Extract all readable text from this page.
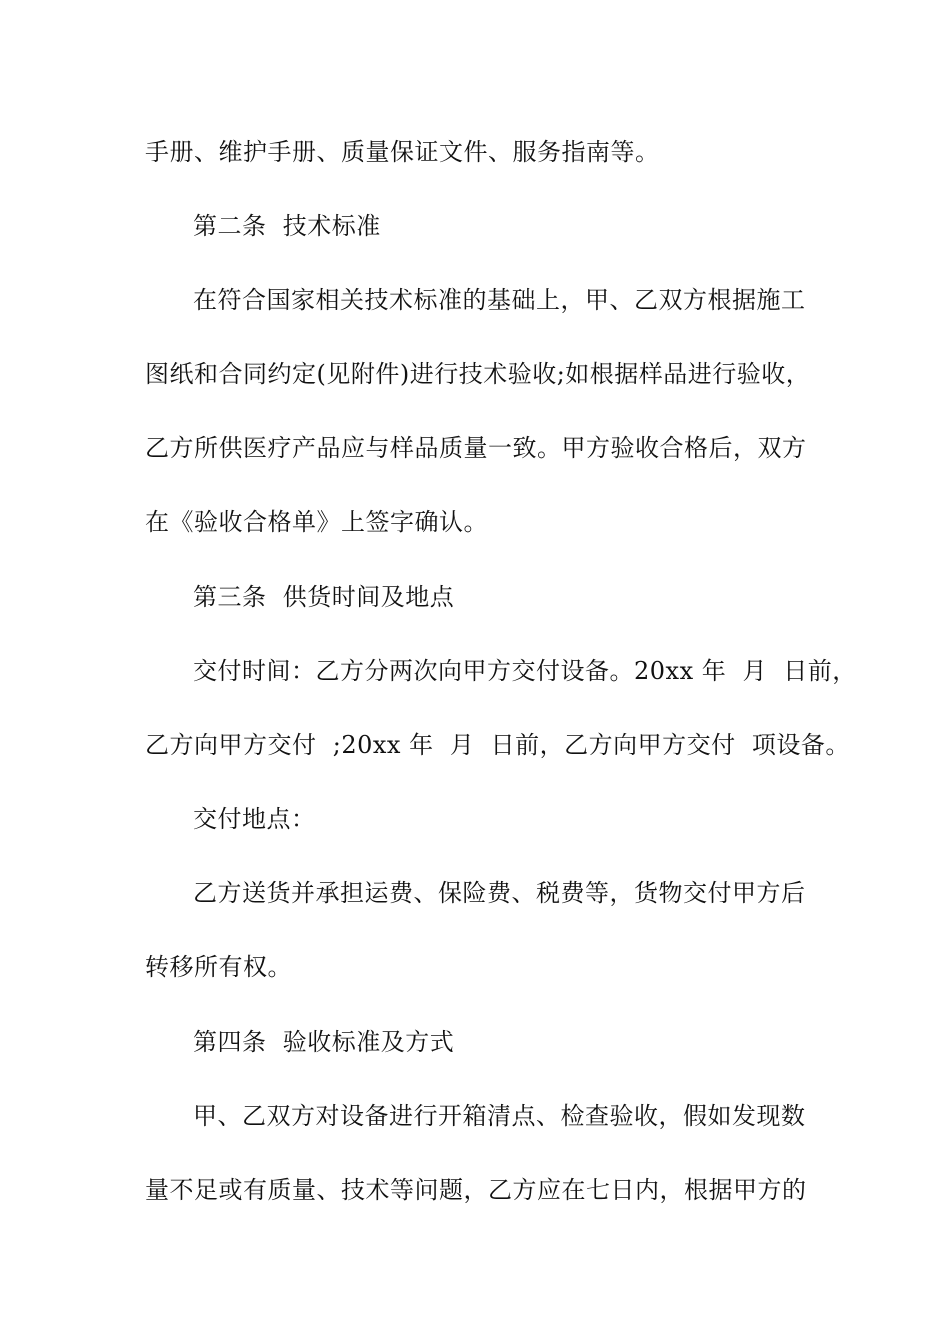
手册、维护手册、质量保证文件、服务指南等。

第二条  技术标准

在符合国家相关技术标准的基础上，甲、乙双方根据施工

图纸和合同约定(见附件)进行技术验收;如根据样品进行验收，

乙方所供医疗产品应与样品质量一致。甲方验收合格后，双方

在《验收合格单》上签字确认。

第三条  供货时间及地点

交付时间：乙方分两次向甲方交付设备。20xx 年  月  日前，

乙方向甲方交付  ;20xx 年  月  日前，乙方向甲方交付  项设备。

交付地点：

乙方送货并承担运费、保险费、税费等，货物交付甲方后

转移所有权。

第四条  验收标准及方式

甲、乙双方对设备进行开箱清点、检查验收，假如发现数

量不足或有质量、技术等问题，乙方应在七日内，根据甲方的
